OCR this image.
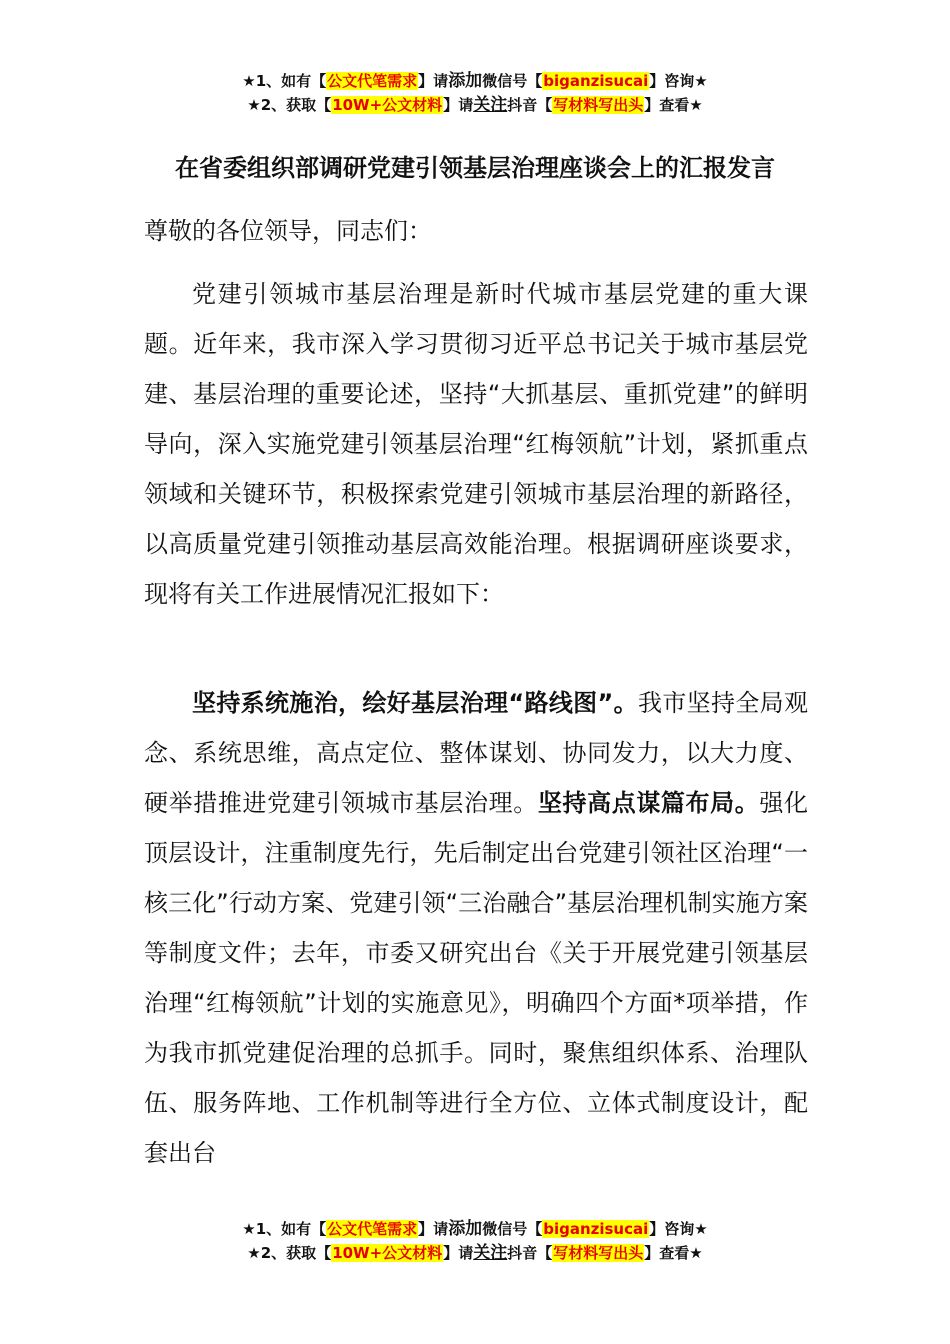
★1、如有【公文代笔需求】请添加微信号【biganzisucai】咨询★
★2、获取【10W+公文材料】请关注抖音【写材料写出头】查看★
在省委组织部调研党建引领基层治理座谈会上的汇报发言

尊敬的各位领导，同志们：

党建引领城市基层治理是新时代城市基层党建的重大课题。近年来，我市深入学习贯彻习近平总书记关于城市基层党建、基层治理的重要论述，坚持“大抓基层、重抓党建”的鲜明导向，深入实施党建引领基层治理“红梅领航”计划，紧抓重点领域和关键环节，积极探索党建引领城市基层治理的新路径，以高质量党建引领推动基层高效能治理。根据调研座谈要求，现将有关工作进展情况汇报如下：

坚持系统施治，绘好基层治理“路线图”。我市坚持全局观念、系统思维，高点定位、整体谋划、协同发力，以大力度、硬举措推进党建引领城市基层治理。坚持高点谋篇布局。强化顶层设计，注重制度先行，先后制定出台党建引领社区治理“一核三化”行动方案、党建引领“三治融合”基层治理机制实施方案等制度文件；去年，市委又研究出台《关于开展党建引领基层治理“红梅领航”计划的实施意见》，明确四个方面*项举措，作为我市抓党建促治理的总抓手。同时，聚焦组织体系、治理队伍、服务阵地、工作机制等进行全方位、立体式制度设计，配套出台

★1、如有【公文代笔需求】请添加微信号【biganzisucai】咨询★
★2、获取【10W+公文材料】请关注抖音【写材料写出头】查看★
